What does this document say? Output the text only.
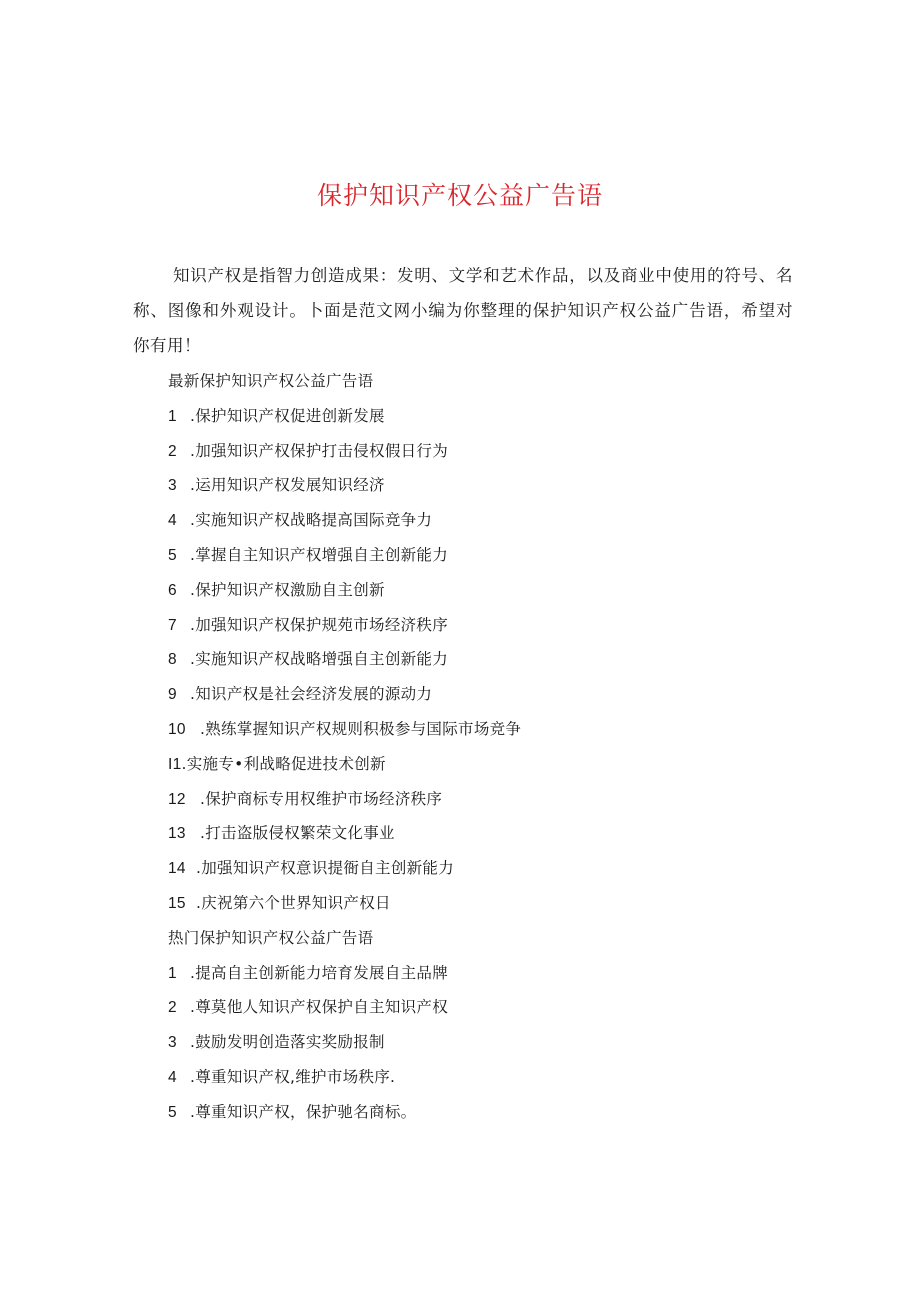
保护知识产权公益广告语
知识产权是指智力创造成果：发明、文学和艺术作品，以及商业中使用的符号、名称、图像和外观设计。卜面是范文网小编为你整理的保护知识产权公益广告语，希望对你有用！
最新保护知识产权公益广告语
1 .保护知识产权促进创新发展
2 .加强知识产权保护打击侵权假日行为
3 .运用知识产权发展知识经济
4 .实施知识产权战略提高国际竞争力
5 .掌握自主知识产权增强自主创新能力
6 .保护知识产权激励自主创新
7 .加强知识产权保护规苑市场经济秩序
8 .实施知识产权战略增强自主创新能力
9 .知识产权是社会经济发展的源动力
10 .熟练掌握知识产权规则积极参与国际市场竞争
I1.实施专•利战略促进技术创新
12 .保护商标专用权维护市场经济秩序
13 .打击盗版侵权繁荣文化事业
14 .加强知识产权意识提衙自主创新能力
15 .庆祝第六个世界知识产权日
热门保护知识产权公益广告语
1 .提高自主创新能力培育发展自主品牌
2 .尊莫他人知识产权保护自主知识产权
3 .鼓励发明创造落实奖励报制
4 .尊重知识产权,维护市场秩序.
5 .尊重知识产权，保护驰名商标。
